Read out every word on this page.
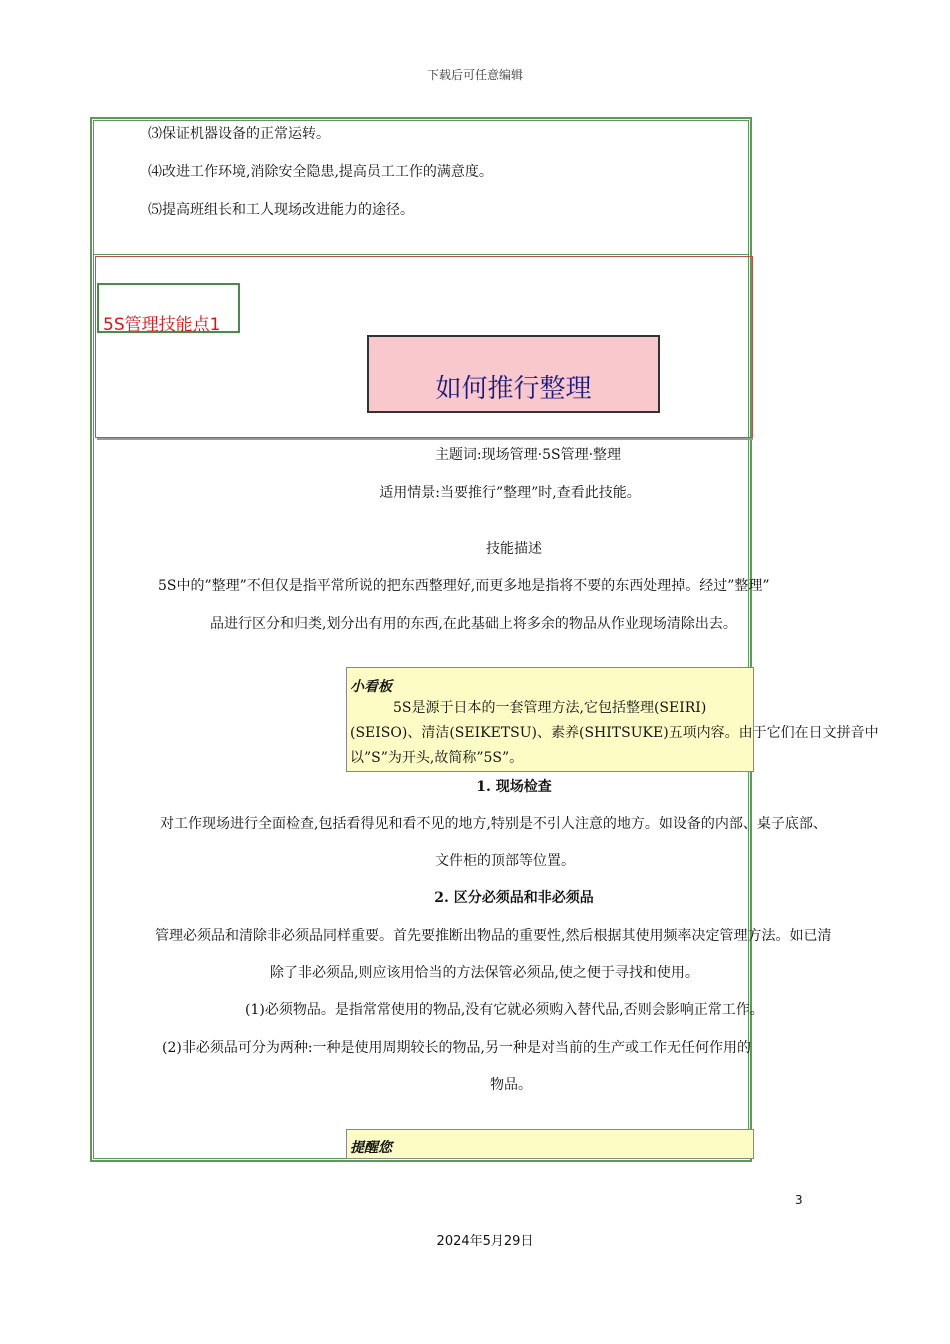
下载后可任意编辑
⑶保证机器设备的正常运转。
⑷改进工作环境,消除安全隐患,提高员工工作的满意度。
⑸提高班组长和工人现场改进能力的途径。
5S管理技能点1
如何推行整理
主题词:现场管理·5S管理·整理
适用情景:当要推行”整理”时,查看此技能。
技能描述
5S中的”整理”不但仅是指平常所说的把东西整理好,而更多地是指将不要的东西处理掉。经过”整理”
品进行区分和归类,划分出有用的东西,在此基础上将多余的物品从作业现场清除出去。
小看板
5S是源于日本的一套管理方法,它包括整理(SEIRI)
(SEISO)、清洁(SEIKETSU)、素养(SHITSUKE)五项内容。由于它们在日文拼音中
以”S”为开头,故简称”5S”。
1. 现场检查
对工作现场进行全面检查,包括看得见和看不见的地方,特别是不引人注意的地方。如设备的内部、桌子底部、
文件柜的顶部等位置。
2. 区分必须品和非必须品
管理必须品和清除非必须品同样重要。首先要推断出物品的重要性,然后根据其使用频率决定管理方法。如已清
除了非必须品,则应该用恰当的方法保管必须品,使之便于寻找和使用。
(1)必须物品。是指常常使用的物品,没有它就必须购入替代品,否则会影响正常工作。
(2)非必须品可分为两种:一种是使用周期较长的物品,另一种是对当前的生产或工作无任何作用的
物品。
提醒您
3
2024年5月29日
